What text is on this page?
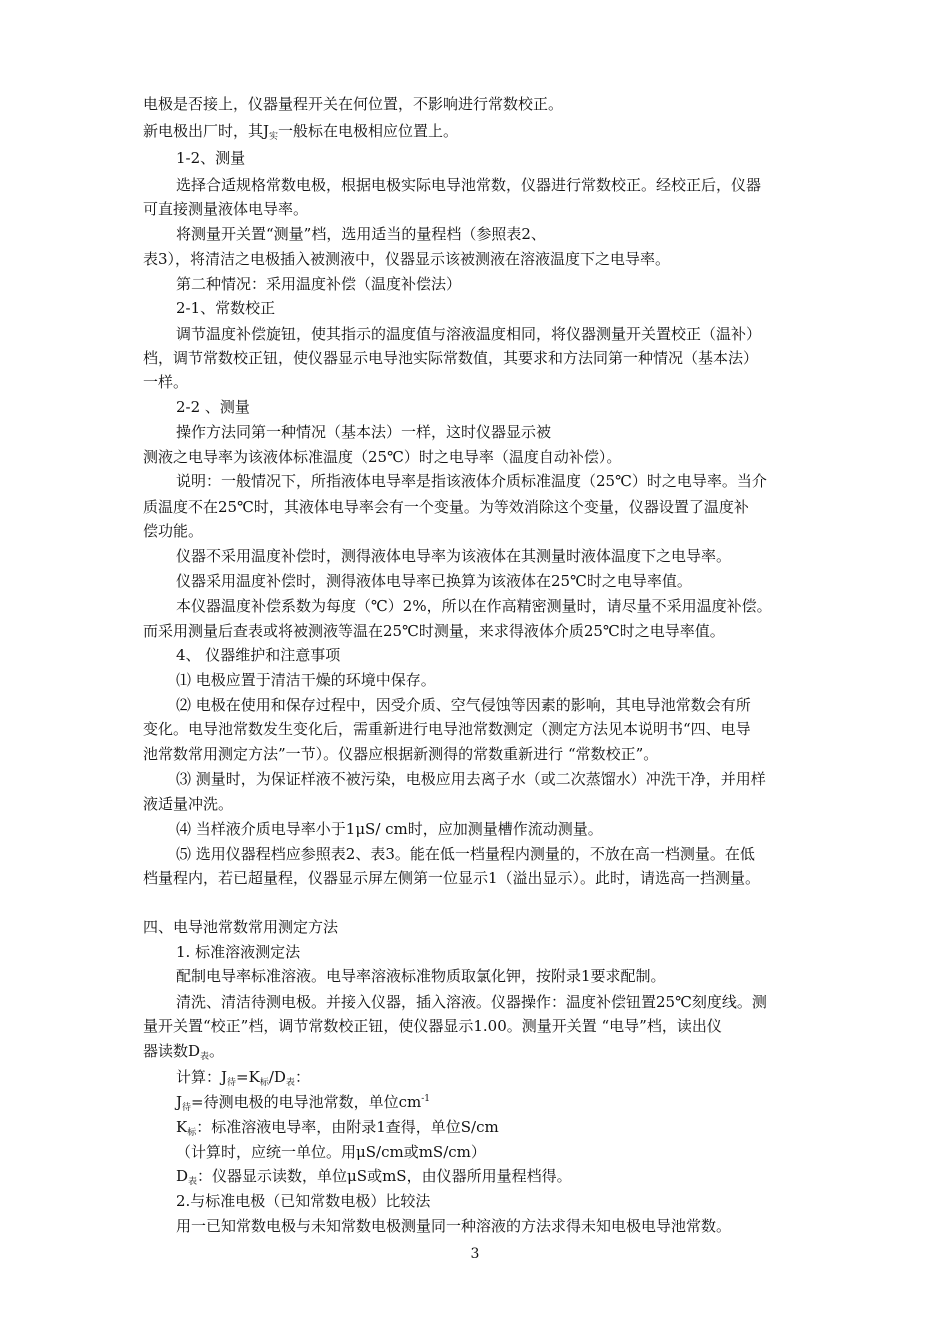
电极是否接上，仪器量程开关在何位置，不影响进行常数校正。
新电极出厂时，其$J_实$一般标在电极相应位置上。
1-2、测量
选择合适规格常数电极，根据电极实际电导池常数，仪器进行常数校正。经校正后，仪器
可直接测量液体电导率。
将测量开关置“测量”档，选用适当的量程档（参照表2、
表3），将清洁之电极插入被测液中，仪器显示该被测液在溶液温度下之电导率。
第二种情况：采用温度补偿（温度补偿法）
2-1、常数校正
调节温度补偿旋钮，使其指示的温度值与溶液温度相同，将仪器测量开关置校正（温补）
档，调节常数校正钮，使仪器显示电导池实际常数值，其要求和方法同第一种情况（基本法）
一样。
2-2 、测量
操作方法同第一种情况（基本法）一样，这时仪器显示被
测液之电导率为该液体标准温度（25℃）时之电导率（温度自动补偿）。
说明：一般情况下，所指液体电导率是指该液体介质标准温度（25℃）时之电导率。当介
质温度不在25℃时，其液体电导率会有一个变量。为等效消除这个变量，仪器设置了温度补
偿功能。
仪器不采用温度补偿时，测得液体电导率为该液体在其测量时液体温度下之电导率。
仪器采用温度补偿时，测得液体电导率已换算为该液体在25℃时之电导率值。
本仪器温度补偿系数为每度（℃）2%，所以在作高精密测量时，请尽量不采用温度补偿。
而采用测量后查表或将被测液等温在25℃时测量，来求得液体介质25℃时之电导率值。
4、 仪器维护和注意事项
⑴ 电极应置于清洁干燥的环境中保存。
⑵ 电极在使用和保存过程中，因受介质、空气侵蚀等因素的影响，其电导池常数会有所
变化。电导池常数发生变化后，需重新进行电导池常数测定（测定方法见本说明书“四、电导
池常数常用测定方法”一节）。仪器应根据新测得的常数重新进行 “常数校正”。
⑶ 测量时，为保证样液不被污染，电极应用去离子水（或二次蒸馏水）冲洗干净，并用样
液适量冲洗。
⑷ 当样液介质电导率小于1μS/ cm时，应加测量槽作流动测量。
⑸ 选用仪器程档应参照表2、表3。能在低一档量程内测量的，不放在高一档测量。在低
档量程内，若已超量程，仪器显示屏左侧第一位显示1（溢出显示）。此时，请选高一挡测量。
四、电导池常数常用测定方法
1. 标准溶液测定法
配制电导率标准溶液。电导率溶液标准物质取氯化钾，按附录1要求配制。
清洗、清洁待测电极。并接入仪器，插入溶液。仪器操作：温度补偿钮置25℃刻度线。测
量开关置“校正”档，调节常数校正钮，使仪器显示1.00。测量开关置 “电导”档，读出仪
器读数$D_表$。
计算：$J_待=K_标/D_表$：
$J_待=$待测电极的电导池常数，单位$cm^{-1}$
$K_标$：标准溶液电导率，由附录1查得，单位S/cm
（计算时，应统一单位。用μS/cm或mS/cm）
$D_表$：仪器显示读数，单位μS或mS，由仪器所用量程档得。
2.与标准电极（已知常数电极）比较法
用一已知常数电极与未知常数电极测量同一种溶液的方法求得未知电极电导池常数。
3
